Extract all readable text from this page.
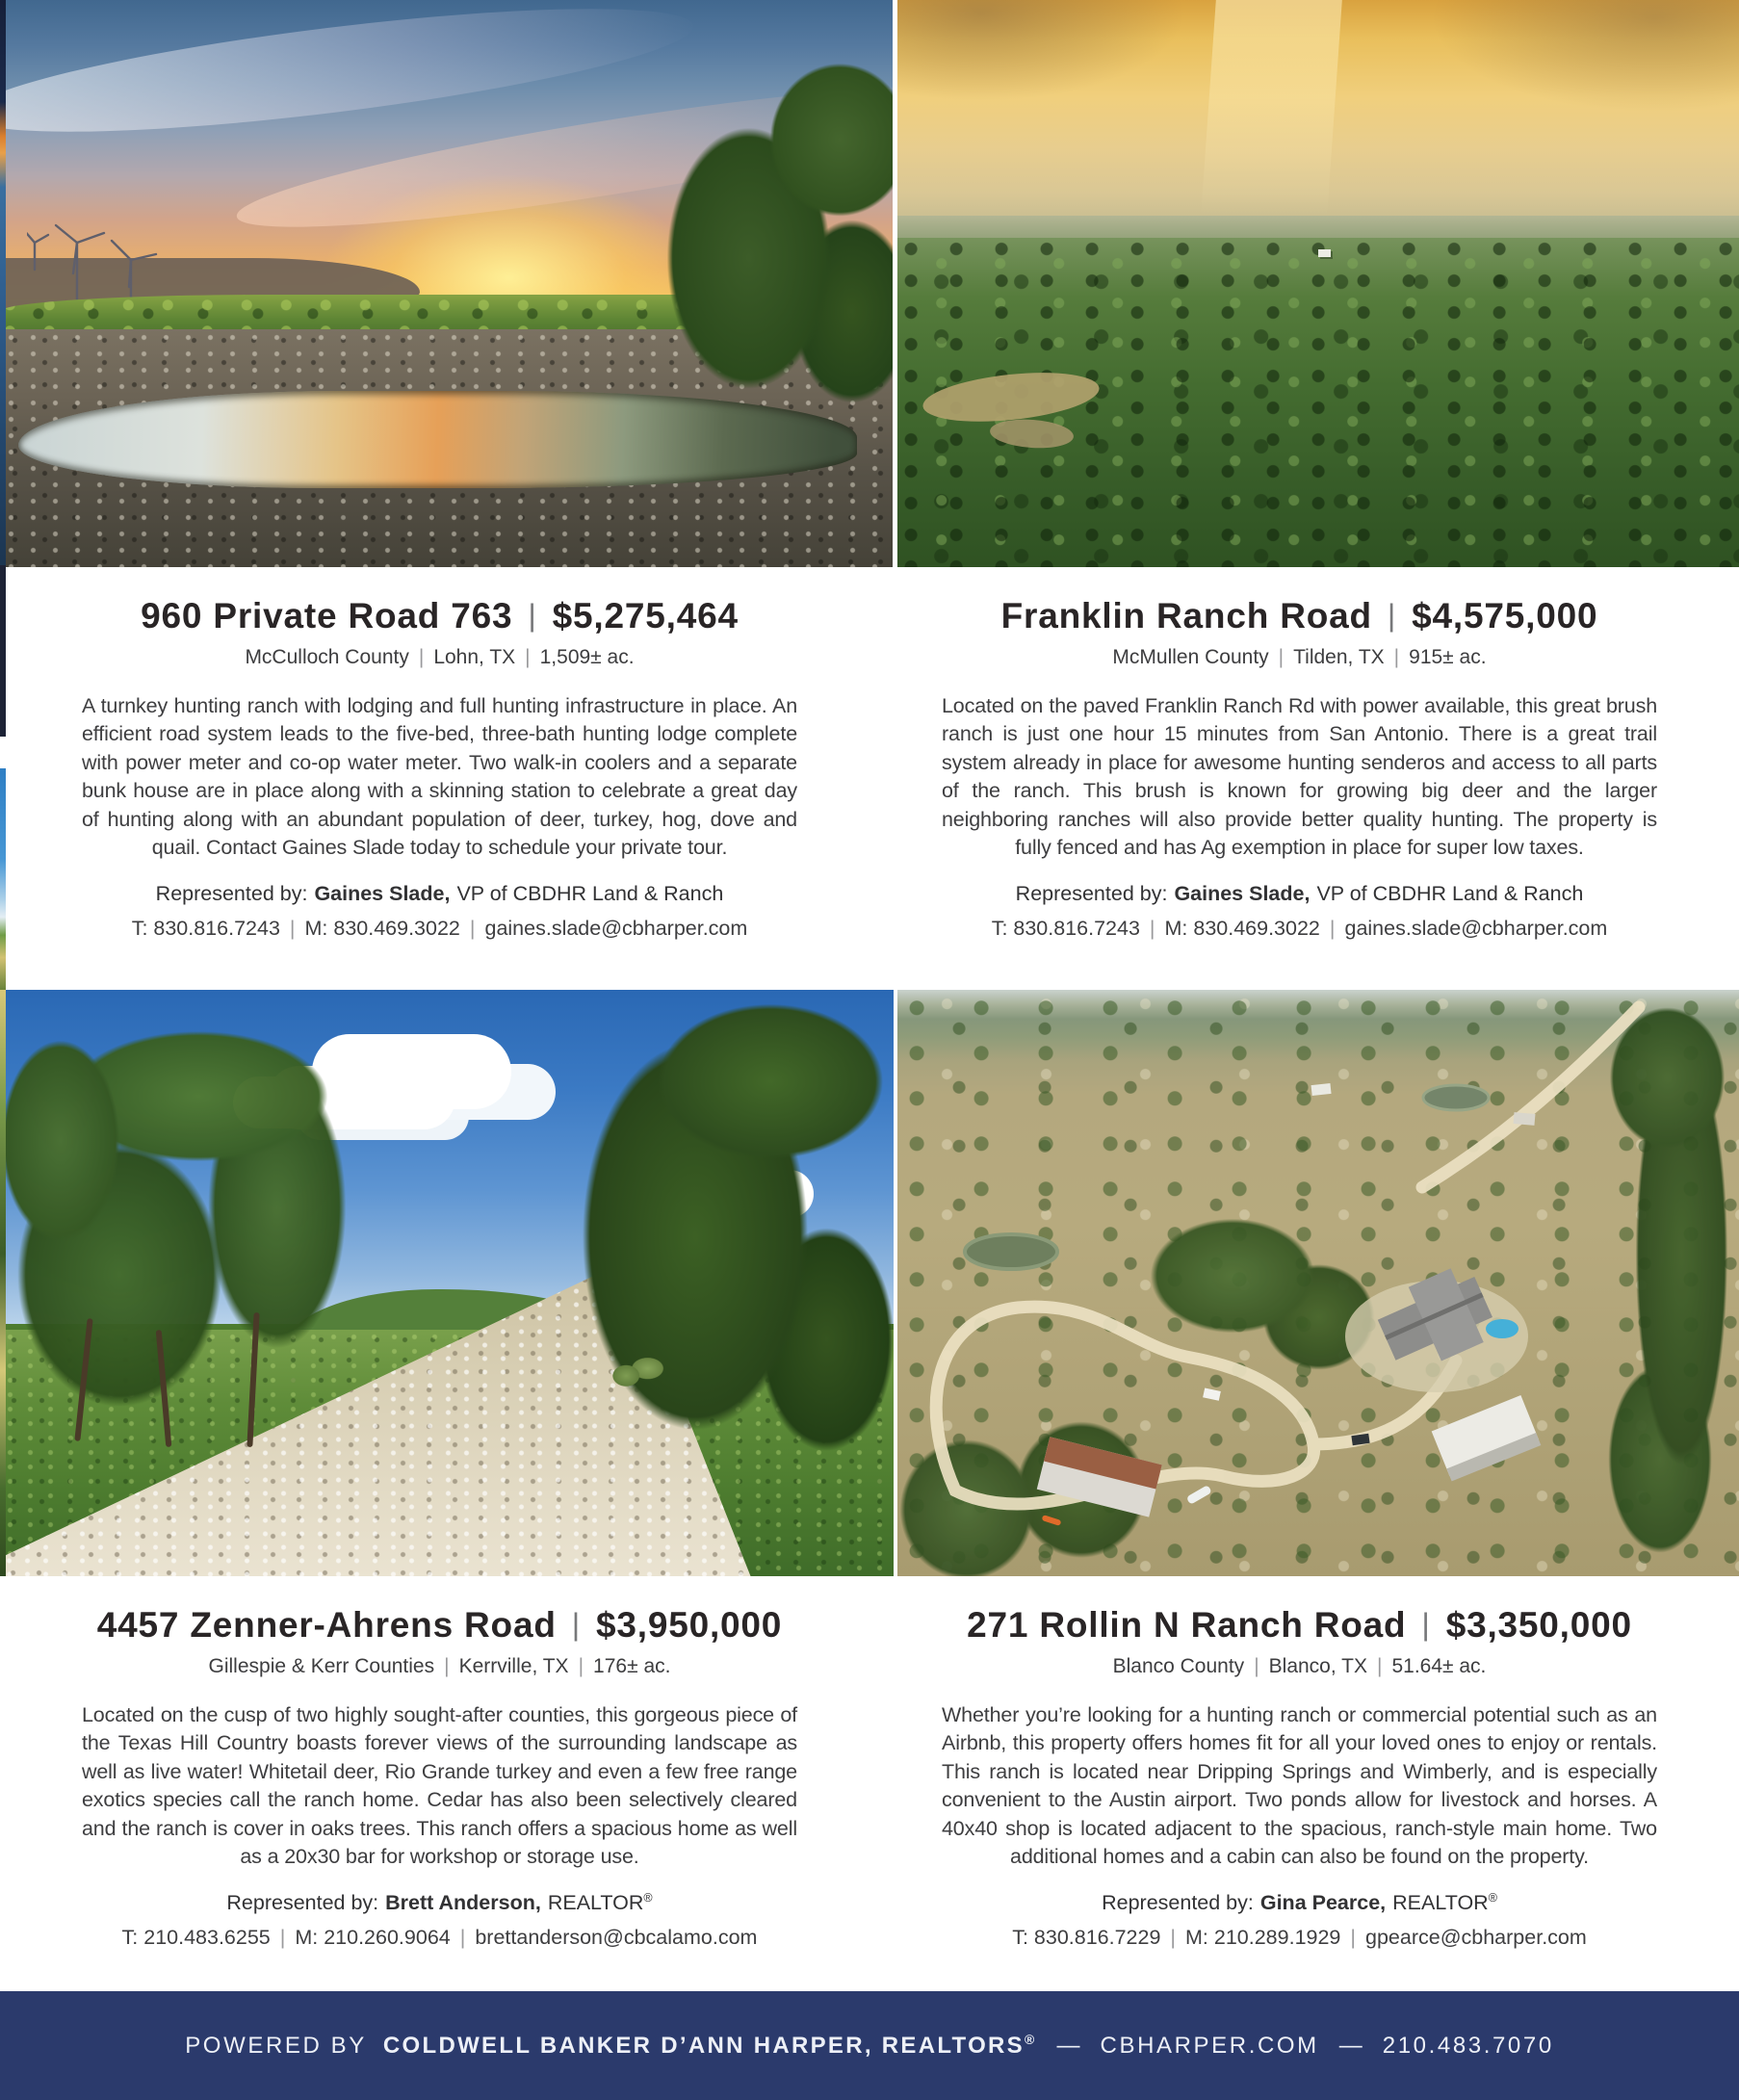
960 Private Road 763 | $5,275,464
McCulloch County | Lohn, TX | 1,509± ac.

A turnkey hunting ranch with lodging and full hunting infrastructure in place. An efficient road system leads to the five-bed, three-bath hunting lodge complete with power meter and co-op water meter. Two walk-in coolers and a separate bunk house are in place along with a skinning station to celebrate a great day of hunting along with an abundant population of deer, turkey, hog, dove and quail. Contact Gaines Slade today to schedule your private tour.

Represented by: Gaines Slade, VP of CBDHR Land & Ranch
T: 830.816.7243 | M: 830.469.3022 | gaines.slade@cbharper.com
Franklin Ranch Road | $4,575,000
McMullen County | Tilden, TX | 915± ac.

Located on the paved Franklin Ranch Rd with power available, this great brush ranch is just one hour 15 minutes from San Antonio. There is a great trail system already in place for awesome hunting senderos and access to all parts of the ranch. This brush is known for growing big deer and the larger neighboring ranches will also provide better quality hunting. The property is fully fenced and has Ag exemption in place for super low taxes.

Represented by: Gaines Slade, VP of CBDHR Land & Ranch
T: 830.816.7243 | M: 830.469.3022 | gaines.slade@cbharper.com
4457 Zenner-Ahrens Road | $3,950,000
Gillespie & Kerr Counties | Kerrville, TX | 176± ac.

Located on the cusp of two highly sought-after counties, this gorgeous piece of the Texas Hill Country boasts forever views of the surrounding landscape as well as live water! Whitetail deer, Rio Grande turkey and even a few free range exotics species call the ranch home. Cedar has also been selectively cleared and the ranch is cover in oaks trees. This ranch offers a spacious home as well as a 20x30 bar for workshop or storage use.

Represented by: Brett Anderson, REALTOR®
T: 210.483.6255 | M: 210.260.9064 | brettanderson@cbcalamo.com
271 Rollin N Ranch Road | $3,350,000
Blanco County | Blanco, TX | 51.64± ac.

Whether you’re looking for a hunting ranch or commercial potential such as an Airbnb, this property offers homes fit for all your loved ones to enjoy or rentals. This ranch is located near Dripping Springs and Wimberly, and is especially convenient to the Austin airport. Two ponds allow for livestock and horses. A 40x40 shop is located adjacent to the spacious, ranch-style main home. Two additional homes and a cabin can also be found on the property.

Represented by: Gina Pearce, REALTOR®
T: 830.816.7229 | M: 210.289.1929 | gpearce@cbharper.com
POWERED BY COLDWELL BANKER D’ANN HARPER, REALTORS® — CBHARPER.COM — 210.483.7070
